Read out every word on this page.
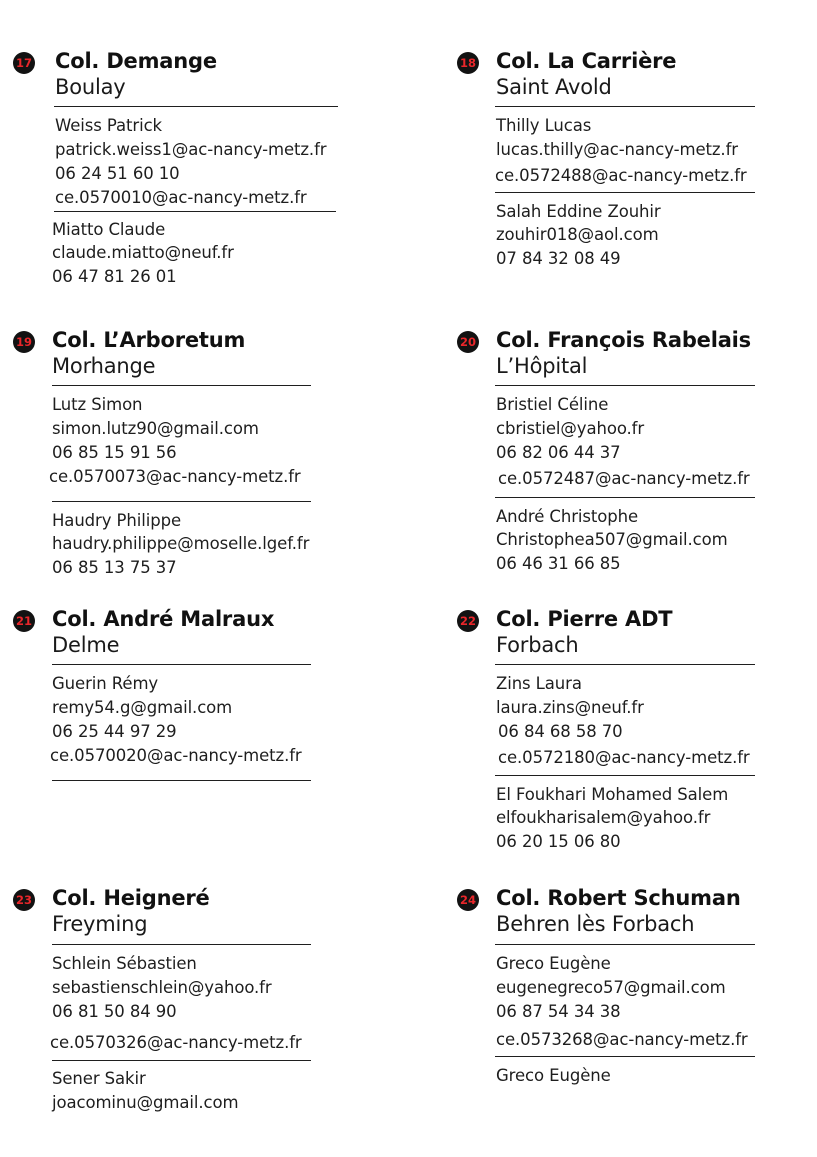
17 Col. Demange
Boulay
Weiss Patrick
patrick.weiss1@ac-nancy-metz.fr
06 24 51 60 10
ce.0570010@ac-nancy-metz.fr
Miatto Claude
claude.miatto@neuf.fr
06 47 81 26 01
18 Col. La Carrière
Saint Avold
Thilly Lucas
lucas.thilly@ac-nancy-metz.fr
ce.0572488@ac-nancy-metz.fr
Salah Eddine Zouhir
zouhir018@aol.com
07 84 32 08 49
19 Col. L’Arboretum
Morhange
Lutz Simon
simon.lutz90@gmail.com
06 85 15 91 56
ce.0570073@ac-nancy-metz.fr
Haudry Philippe
haudry.philippe@moselle.lgef.fr
06 85 13 75 37
20 Col. François Rabelais
L’Hôpital
Bristiel Céline
cbristiel@yahoo.fr
06 82 06 44 37
ce.0572487@ac-nancy-metz.fr
André Christophe
Christophea507@gmail.com
06 46 31 66 85
21 Col. André Malraux
Delme
Guerin Rémy
remy54.g@gmail.com
06 25 44 97 29
ce.0570020@ac-nancy-metz.fr
22 Col. Pierre ADT
Forbach
Zins Laura
laura.zins@neuf.fr
06 84 68 58 70
ce.0572180@ac-nancy-metz.fr
El Foukhari Mohamed Salem
elfoukharisalem@yahoo.fr
06 20 15 06 80
23 Col. Heigneré
Freyming
Schlein Sébastien
sebastienschlein@yahoo.fr
06 81 50 84 90
ce.0570326@ac-nancy-metz.fr
Sener Sakir
joacominu@gmail.com
24 Col. Robert Schuman
Behren lès Forbach
Greco Eugène
eugenegreco57@gmail.com
06 87 54 34 38
ce.0573268@ac-nancy-metz.fr
Greco Eugène
